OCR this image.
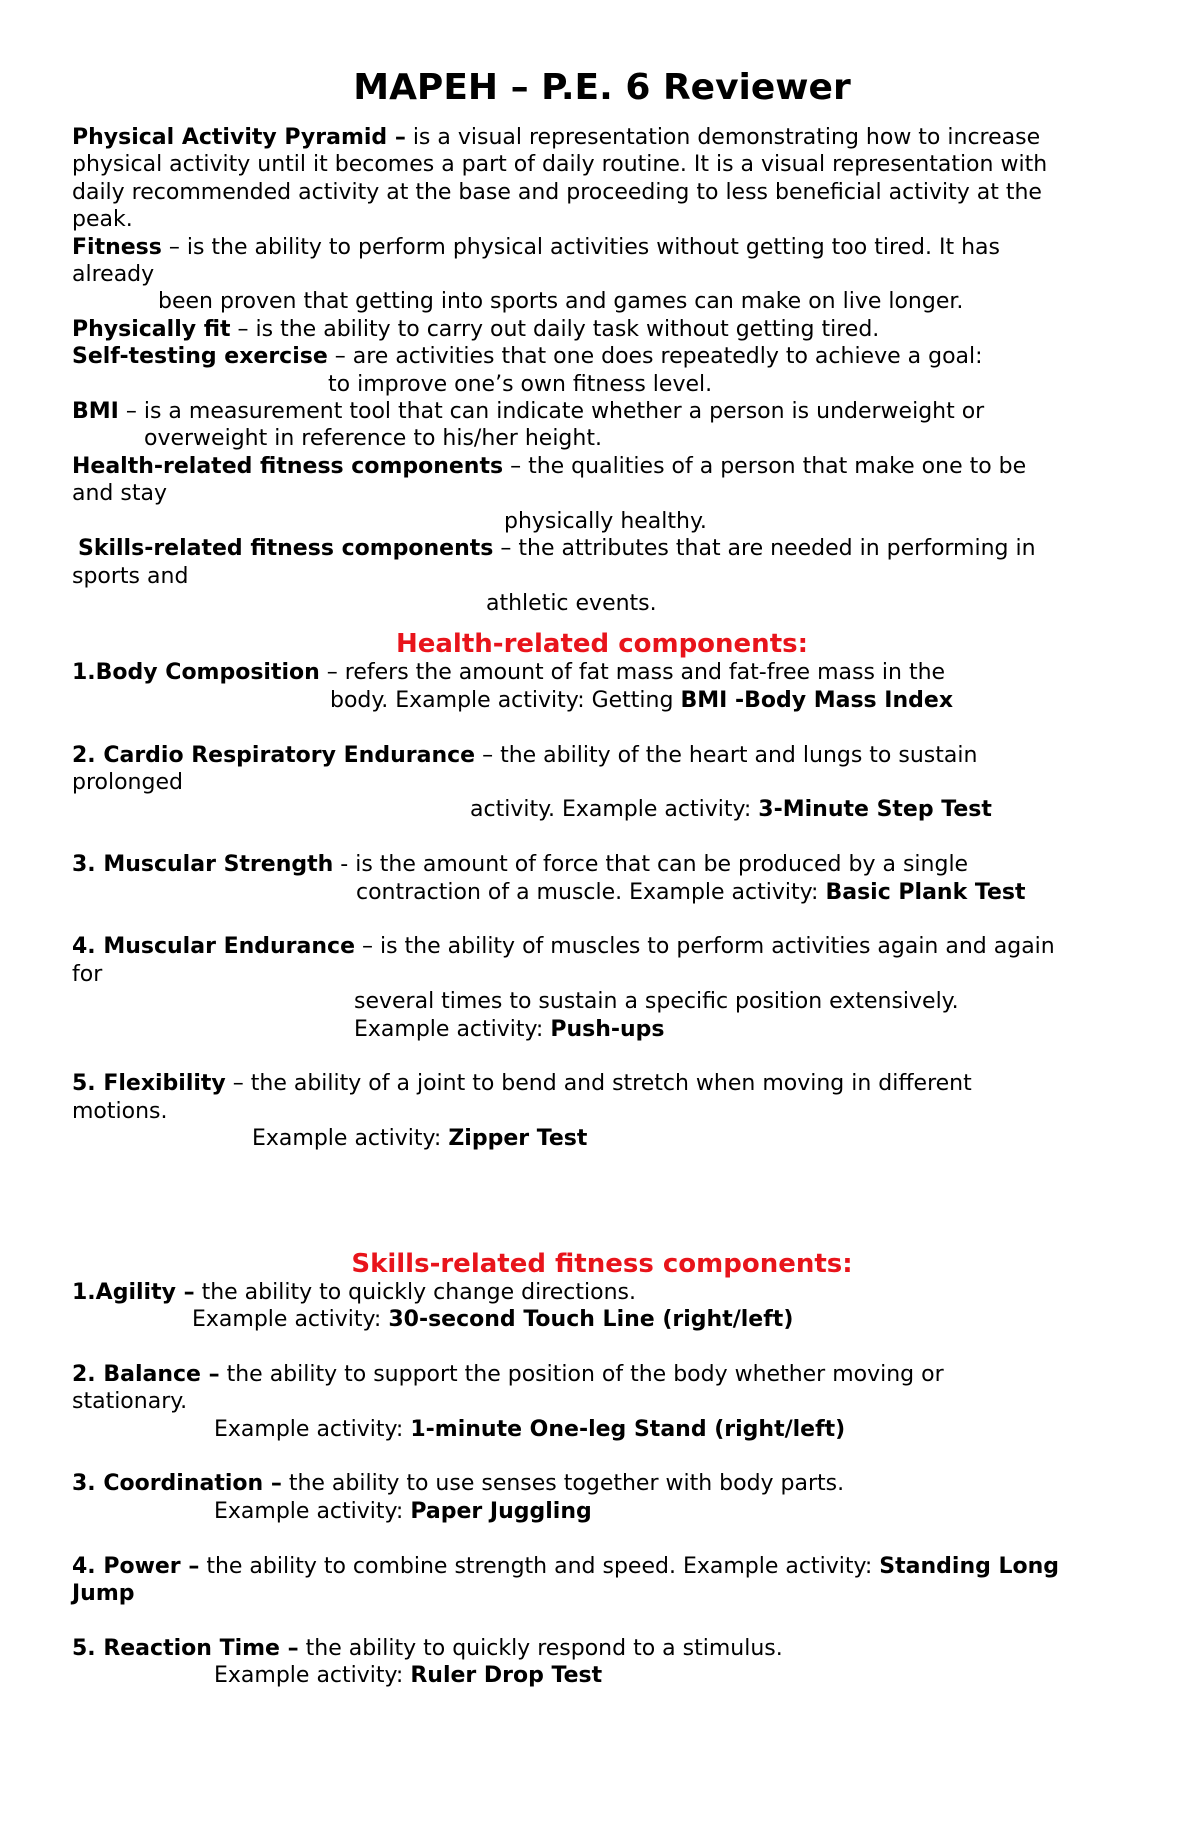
MAPEH – P.E. 6 Reviewer
Physical Activity Pyramid – is a visual representation demonstrating how to increase
physical activity until it becomes a part of daily routine. It is a visual representation with
daily recommended activity at the base and proceeding to less beneficial activity at the
peak.
Fitness – is the ability to perform physical activities without getting too tired. It has
already
been proven that getting into sports and games can make on live longer.
Physically fit – is the ability to carry out daily task without getting tired.
Self-testing exercise – are activities that one does repeatedly to achieve a goal:
to improve one’s own fitness level.
BMI – is a measurement tool that can indicate whether a person is underweight or
overweight in reference to his/her height.
Health-related fitness components – the qualities of a person that make one to be
and stay
physically healthy.
Skills-related fitness components – the attributes that are needed in performing in
sports and
athletic events.
Health-related components:
1.Body Composition – refers the amount of fat mass and fat-free mass in the
body. Example activity: Getting BMI -Body Mass Index
2. Cardio Respiratory Endurance – the ability of the heart and lungs to sustain
prolonged
activity. Example activity: 3-Minute Step Test
3. Muscular Strength - is the amount of force that can be produced by a single
contraction of a muscle. Example activity: Basic Plank Test
4. Muscular Endurance – is the ability of muscles to perform activities again and again
for
several times to sustain a specific position extensively.
Example activity: Push-ups
5. Flexibility – the ability of a joint to bend and stretch when moving in different
motions.
Example activity: Zipper Test
Skills-related fitness components:
1.Agility – the ability to quickly change directions.
Example activity: 30-second Touch Line (right/left)
2. Balance – the ability to support the position of the body whether moving or
stationary.
Example activity: 1-minute One-leg Stand (right/left)
3. Coordination – the ability to use senses together with body parts.
Example activity: Paper Juggling
4. Power – the ability to combine strength and speed. Example activity: Standing Long
Jump
5. Reaction Time – the ability to quickly respond to a stimulus.
Example activity: Ruler Drop Test
